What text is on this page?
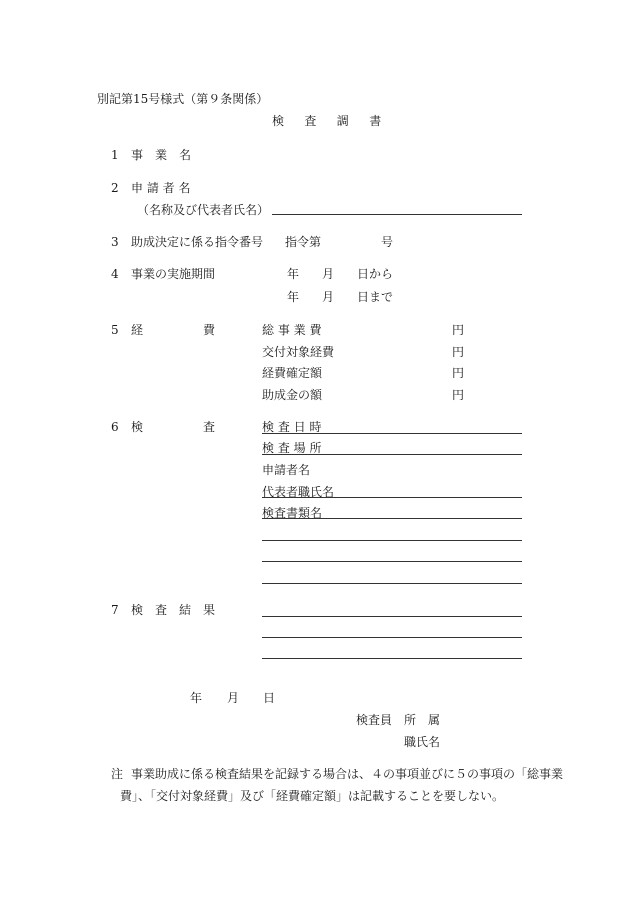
別記第15号様式（第９条関係）
検　査　調　書
1 事　業　名
2 申 請 者 名
（名称及び代表者氏名）
3 助成決定に係る指令番号 指令第	号
4 事業の実施期間	年 月 日から
年 月 日まで
5 経	費	総 事 業 費	円
交付対象経費	円
経費確定額	円
助成金の額	円
6 検	査	検 査 日 時
検 査 場 所
申請者名
代表者職氏名
検査書類名
7 検　査　結　果
年 月 日
検査員 所　属
職氏名
注 事業助成に係る検査結果を記録する場合は、４の事項並びに５の事項の「総事業
費」、「交付対象経費」及び「経費確定額」は記載することを要しない。
